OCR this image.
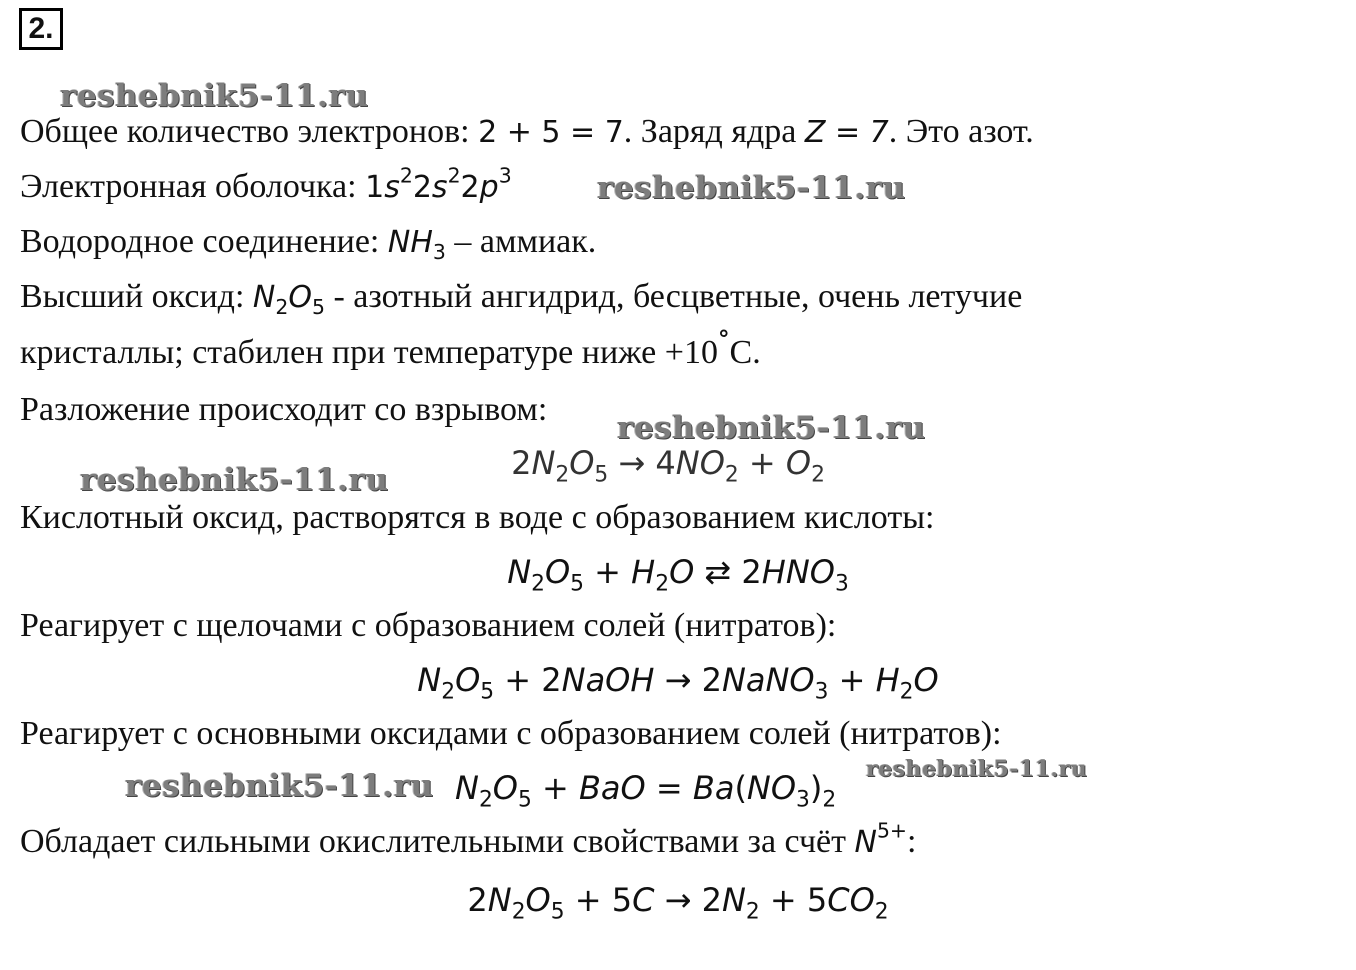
2.
reshebnik5-11.ru
Общее количество электронов: 2 + 5 = 7. Заряд ядра Z = 7. Это азот.
Электронная оболочка: $1s^22s^22p^3$	reshebnik5-11.ru
Водородное соединение: $NH_3$ – аммиак.
Высший оксид: $N_2O_5$ - азотный ангидрид, бесцветные, очень летучие
кристаллы; стабилен при температуре ниже +10°С.
Разложение происходит со взрывом: reshebnik5-11.ru
$2N_2O_5 \to 4NO_2 + O_2$
reshebnik5-11.ru
Кислотный оксид, растворятся в воде с образованием кислоты:
$N_2O_5 + H_2O$ ⇄ $2HNO_3$
Реагирует с щелочами с образованием солей (нитратов):
$N_2O_5$ + 2NaOH → 2NaNO$_3$ + $H_2O$
Реагирует с основными оксидами с образованием солей (нитратов):
reshebnik5-11.ru $N_2O_5$ + BaO = $Ba(NO_3)_2$
reshebnik5-11.ru
Обладает сильными окислительными свойствами за счёт $N^{5+}$:
$2N_2O_5 + 5C \to 2N_2 + 5CO_2$
